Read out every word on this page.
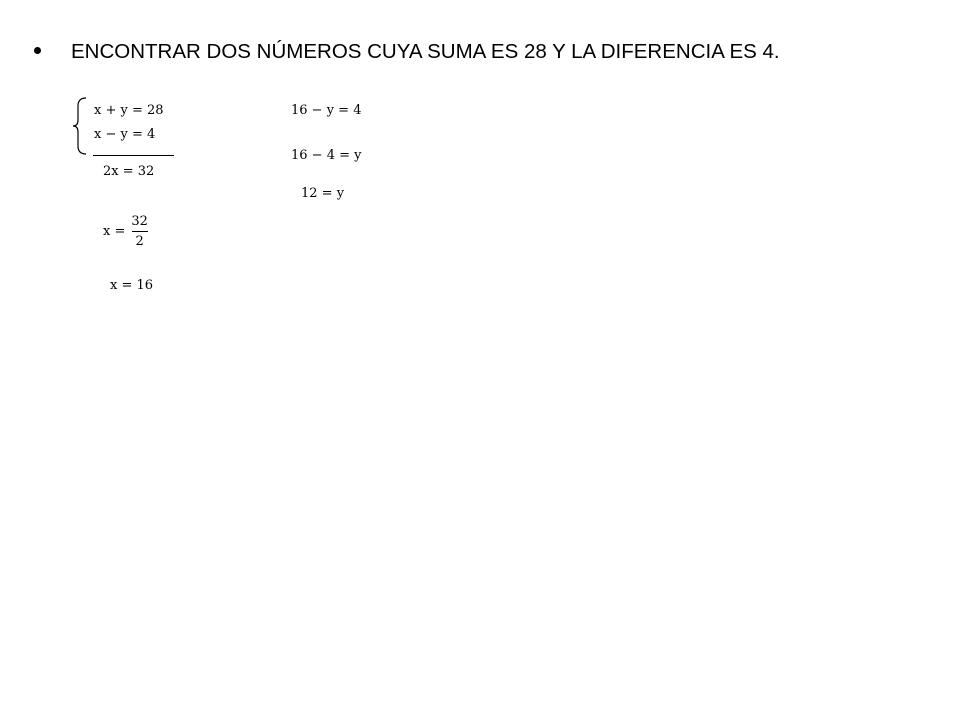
ENCONTRAR DOS NÚMEROS CUYA SUMA ES 28 Y LA DIFERENCIA ES 4.
x + y = 28
x − y = 4
2x = 32
$x = \frac{32}{2}$
x = 16
16 − y = 4
16 − 4 = y
12 = y
